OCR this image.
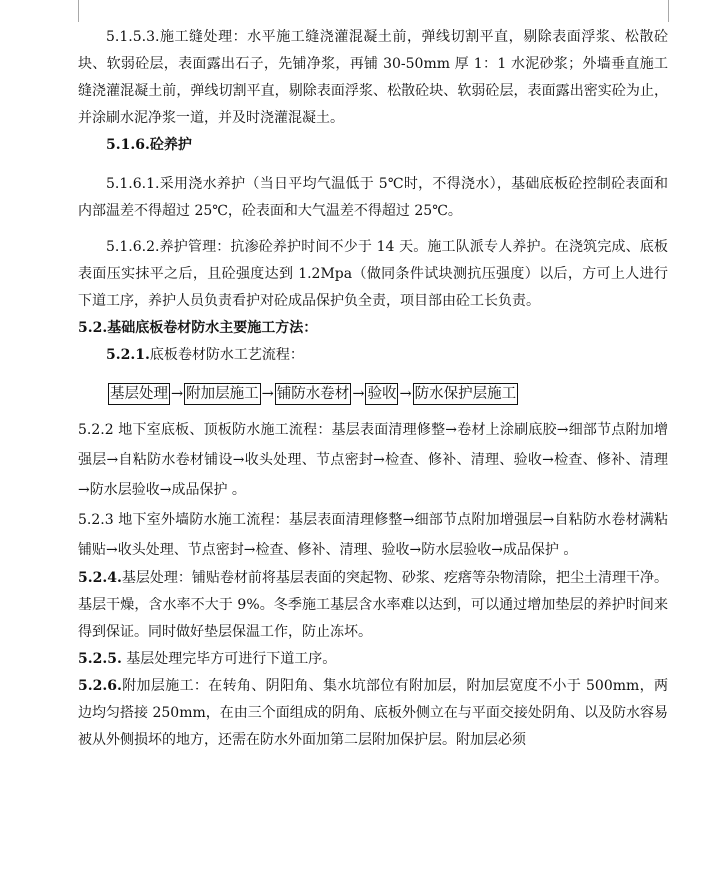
5.1.5.3.施工缝处理：水平施工缝浇灌混凝土前，弹线切割平直，剔除表面浮浆、松散砼块、软弱砼层，表面露出石子，先铺净浆，再铺 30-50mm 厚 1：1 水泥砂浆；外墙垂直施工缝浇灌混凝土前，弹线切割平直，剔除表面浮浆、松散砼块、软弱砼层，表面露出密实砼为止，并涂刷水泥净浆一道，并及时浇灌混凝土。

5.1.6.砼养护

5.1.6.1.采用浇水养护（当日平均气温低于 5℃时，不得浇水），基础底板砼控制砼表面和内部温差不得超过 25℃，砼表面和大气温差不得超过 25℃。

5.1.6.2.养护管理：抗渗砼养护时间不少于 14 天。施工队派专人养护。在浇筑完成、底板表面压实抹平之后，且砼强度达到 1.2Mpa（做同条件试块测抗压强度）以后，方可上人进行下道工序，养护人员负责看护对砼成品保护负全责，项目部由砼工长负责。

5.2.基础底板卷材防水主要施工方法：

5.2.1.底板卷材防水工艺流程：

基层处理 → 附加层施工 → 铺防水卷材 → 验收 → 防水保护层施工

5.2.2 地下室底板、顶板防水施工流程：基层表面清理修整→卷材上涂刷底胶→细部节点附加增强层→自粘防水卷材铺设→收头处理、节点密封→检查、修补、清理、验收→检查、修补、清理→防水层验收→成品保护 。

5.2.3 地下室外墙防水施工流程：基层表面清理修整→细部节点附加增强层→自粘防水卷材满粘铺贴→收头处理、节点密封→检查、修补、清理、验收→防水层验收→成品保护 。

5.2.4.基层处理：铺贴卷材前将基层表面的突起物、砂浆、疙瘩等杂物清除，把尘土清理干净。基层干燥，含水率不大于 9%。冬季施工基层含水率难以达到，可以通过增加垫层的养护时间来得到保证。同时做好垫层保温工作，防止冻坏。

5.2.5. 基层处理完毕方可进行下道工序。

5.2.6.附加层施工：在转角、阴阳角、集水坑部位有附加层，附加层宽度不小于 500mm，两边均匀搭接 250mm，在由三个面组成的阴角、底板外侧立在与平面交接处阴角、以及防水容易被从外侧损坏的地方，还需在防水外面加第二层附加保护层。附加层必须
